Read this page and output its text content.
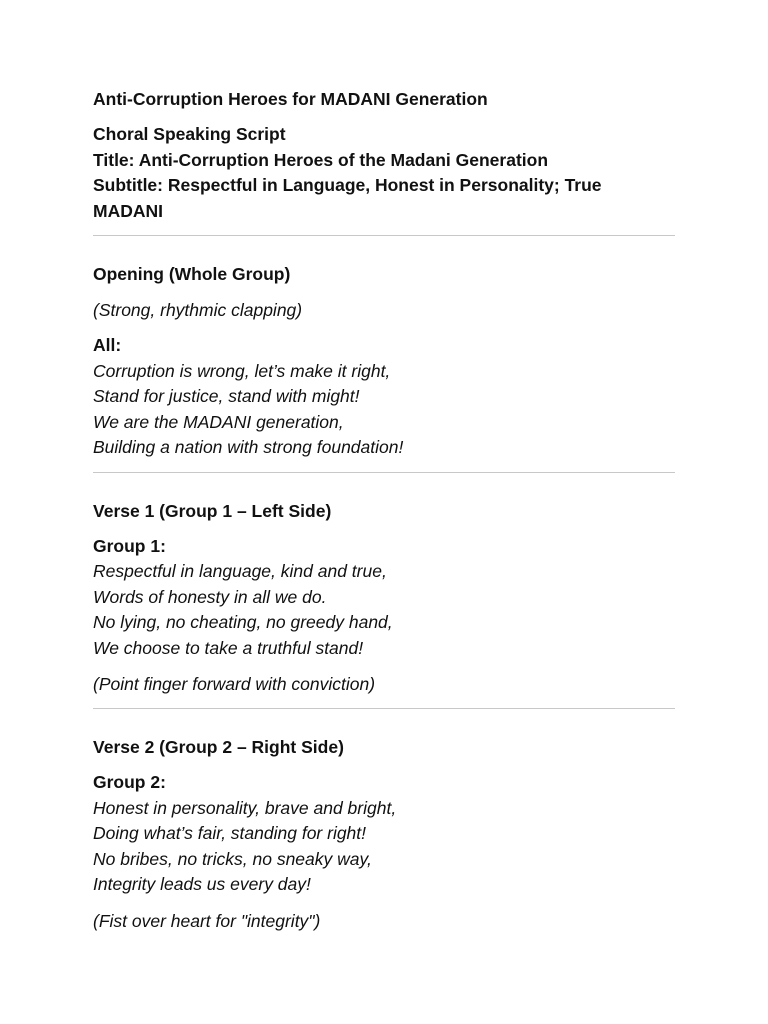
Anti-Corruption Heroes for MADANI Generation
Choral Speaking Script
Title: Anti-Corruption Heroes of the Madani Generation
Subtitle: Respectful in Language, Honest in Personality; True MADANI
Opening (Whole Group)
(Strong, rhythmic clapping)
All:
Corruption is wrong, let’s make it right,
Stand for justice, stand with might!
We are the MADANI generation,
Building a nation with strong foundation!
Verse 1 (Group 1 – Left Side)
Group 1:
Respectful in language, kind and true,
Words of honesty in all we do.
No lying, no cheating, no greedy hand,
We choose to take a truthful stand!
(Point finger forward with conviction)
Verse 2 (Group 2 – Right Side)
Group 2:
Honest in personality, brave and bright,
Doing what’s fair, standing for right!
No bribes, no tricks, no sneaky way,
Integrity leads us every day!
(Fist over heart for "integrity")
